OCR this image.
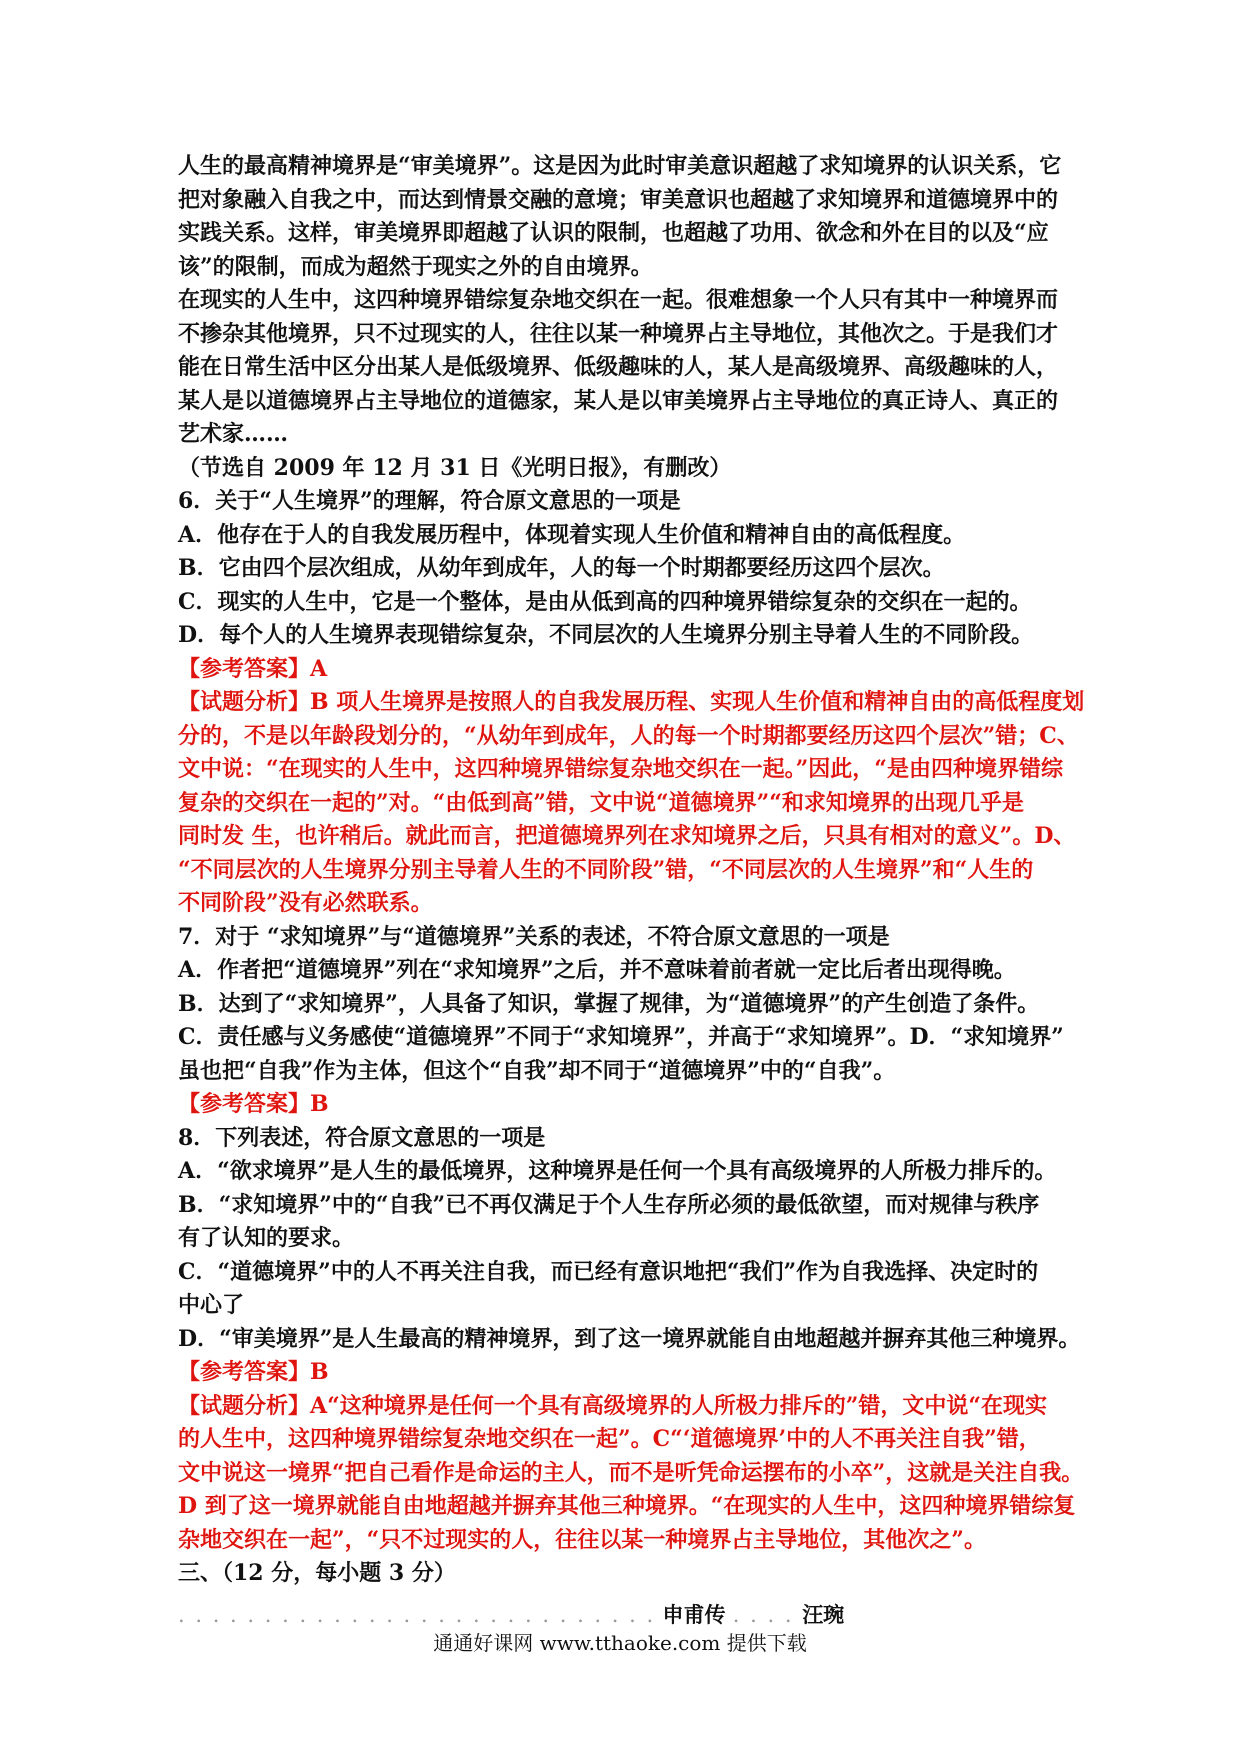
人生的最高精神境界是“审美境界”。这是因为此时审美意识超越了求知境界的认识关系，它
把对象融入自我之中，而达到情景交融的意境；审美意识也超越了求知境界和道德境界中的
实践关系。这样，审美境界即超越了认识的限制，也超越了功用、欲念和外在目的以及“应
该”的限制，而成为超然于现实之外的自由境界。
在现实的人生中，这四种境界错综复杂地交织在一起。很难想象一个人只有其中一种境界而
不掺杂其他境界，只不过现实的人，往往以某一种境界占主导地位，其他次之。于是我们才
能在日常生活中区分出某人是低级境界、低级趣味的人，某人是高级境界、高级趣味的人，
某人是以道德境界占主导地位的道德家，某人是以审美境界占主导地位的真正诗人、真正的
艺术家……
（节选自 2009 年 12 月 31 日《光明日报》，有删改）
6．关于“人生境界”的理解，符合原文意思的一项是
A．他存在于人的自我发展历程中，体现着实现人生价值和精神自由的高低程度。
B．它由四个层次组成，从幼年到成年，人的每一个时期都要经历这四个层次。
C．现实的人生中，它是一个整体，是由从低到高的四种境界错综复杂的交织在一起的。
D．每个人的人生境界表现错综复杂，不同层次的人生境界分别主导着人生的不同阶段。
【参考答案】A
【试题分析】B 项人生境界是按照人的自我发展历程、实现人生价值和精神自由的高低程度划
分的，不是以年龄段划分的，“从幼年到成年，人的每一个时期都要经历这四个层次”错；C、
文中说：“在现实的人生中，这四种境界错综复杂地交织在一起。”因此，“是由四种境界错综
复杂的交织在一起的”对。“由低到高”错，文中说“道德境界”“和求知境界的出现几乎是
同时发 生，也许稍后。就此而言，把道德境界列在求知境界之后，只具有相对的意义”。D、
“不同层次的人生境界分别主导着人生的不同阶段”错，“不同层次的人生境界”和“人生的
不同阶段”没有必然联系。
7．对于 “求知境界”与“道德境界”关系的表述，不符合原文意思的一项是
A．作者把“道德境界”列在“求知境界”之后，并不意味着前者就一定比后者出现得晚。
B．达到了“求知境界”，人具备了知识，掌握了规律，为“道德境界”的产生创造了条件。
C．责任感与义务感使“道德境界”不同于“求知境界”，并高于“求知境界”。D．“求知境界”
虽也把“自我”作为主体，但这个“自我”却不同于“道德境界”中的“自我”。
【参考答案】B
8．下列表述，符合原文意思的一项是
A．“欲求境界”是人生的最低境界，这种境界是任何一个具有高级境界的人所极力排斥的。
B．“求知境界”中的“自我”已不再仅满足于个人生存所必须的最低欲望，而对规律与秩序
有了认知的要求。
C．“道德境界”中的人不再关注自我，而已经有意识地把“我们”作为自我选择、决定时的
中心了
D．“审美境界”是人生最高的精神境界，到了这一境界就能自由地超越并摒弃其他三种境界。
【参考答案】B
【试题分析】A“这种境界是任何一个具有高级境界的人所极力排斥的”错，文中说“在现实
的人生中，这四种境界错综复杂地交织在一起”。C“‘道德境界’中的人不再关注自我”错，
文中说这一境界“把自己看作是命运的主人，而不是听凭命运摆布的小卒”，这就是关注自我。
D 到了这一境界就能自由地超越并摒弃其他三种境界。“在现实的人生中，这四种境界错综复
杂地交织在一起”，“只不过现实的人，往往以某一种境界占主导地位，其他次之”。
三、（12 分，每小题 3 分）
. . . . . . . . . . . . . . . . . . . . . . . . . . . . 申甫传 . . . . 汪琬
通通好课网 www.tthaoke.com 提供下载
